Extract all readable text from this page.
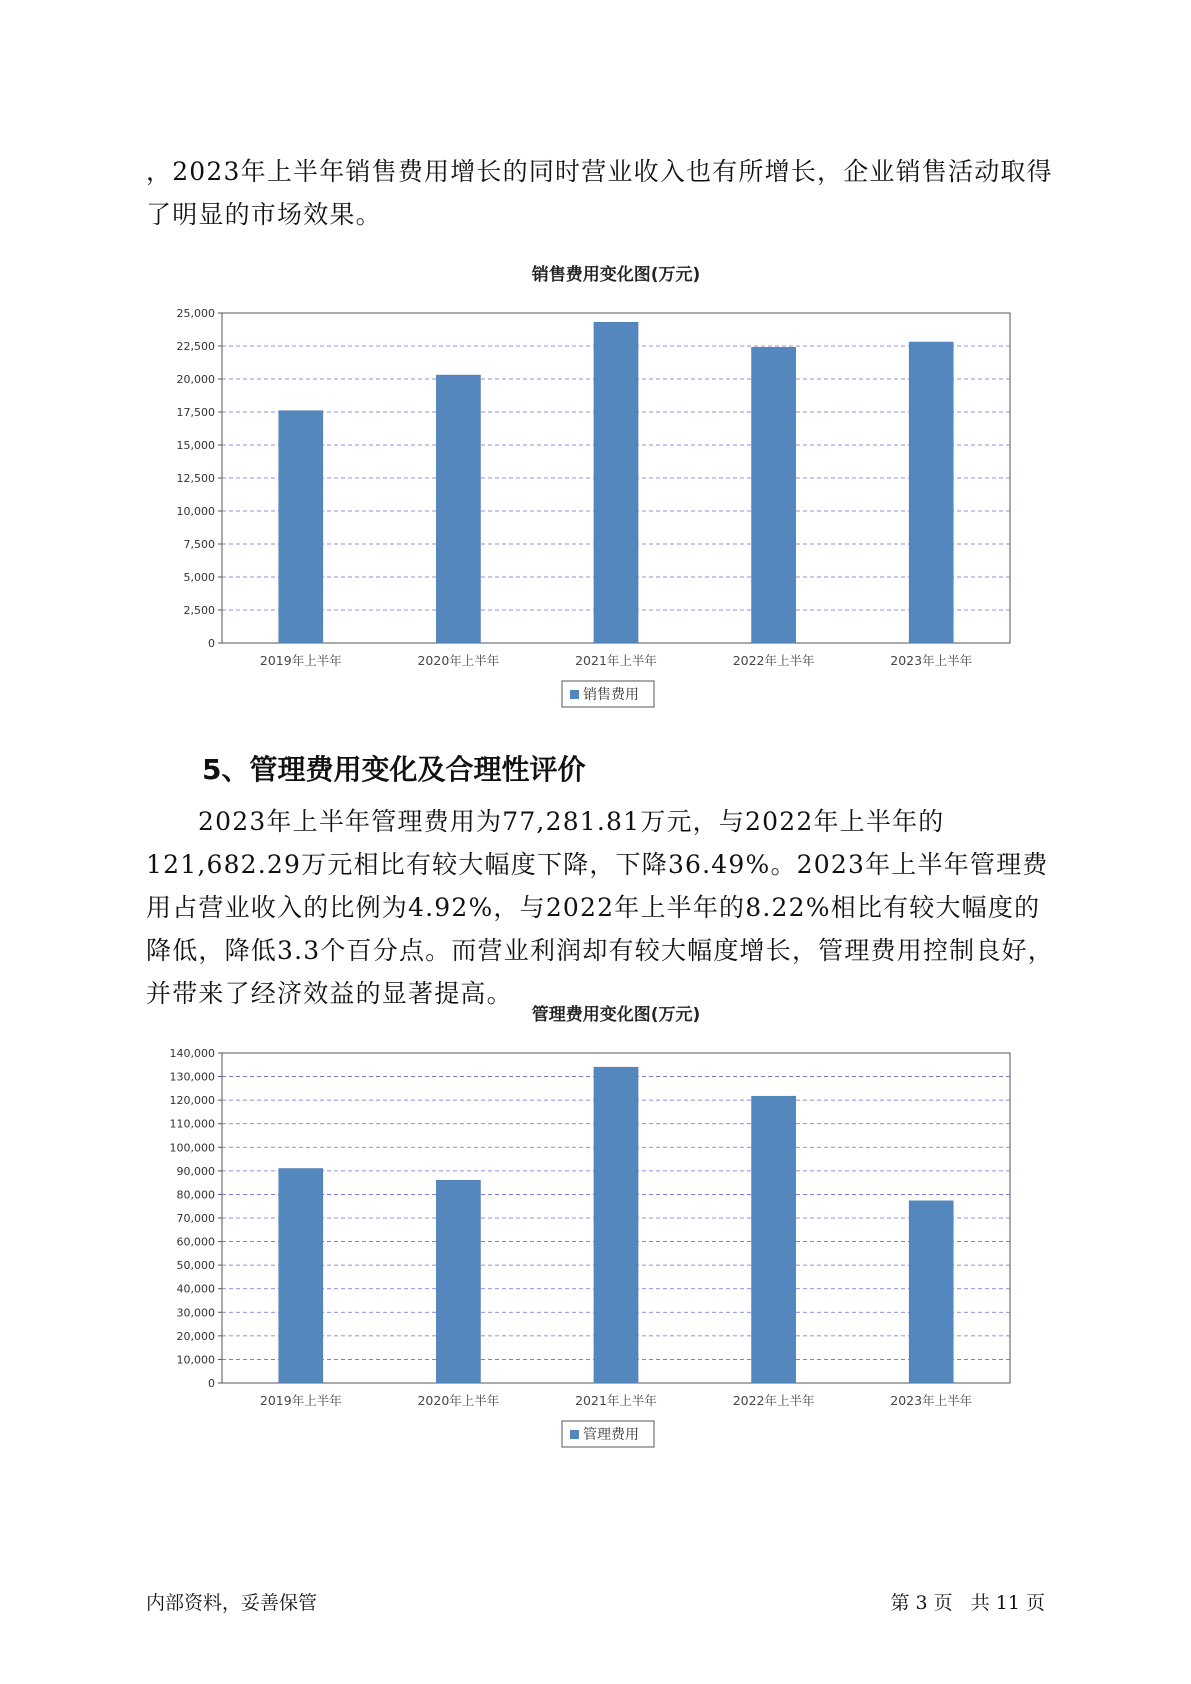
，2023年上半年销售费用增长的同时营业收入也有所增长，企业销售活动取得了明显的市场效果。

销售费用变化图(万元)
0
2,500
5,000
7,500
10,000
12,500
15,000
17,500
20,000
22,500
25,000
2019年上半年	2020年上半年	2021年上半年	2022年上半年	2023年上半年
销售费用
5、管理费用变化及合理性评价

2023年上半年管理费用为77,281.81万元，与2022年上半年的121,682.29万元相比有较大幅度下降，下降36.49%。2023年上半年管理费用占营业收入的比例为4.92%，与2022年上半年的8.22%相比有较大幅度的降低，降低3.3个百分点。而营业利润却有较大幅度增长，管理费用控制良好，并带来了经济效益的显著提高。

管理费用变化图(万元)
0
10,000
20,000
30,000
40,000
50,000
60,000
70,000
80,000
90,000
100,000
110,000
120,000
130,000
140,000
2019年上半年	2020年上半年	2021年上半年	2022年上半年	2023年上半年
管理费用
内部资料，妥善保管	第 3 页   共 11 页
